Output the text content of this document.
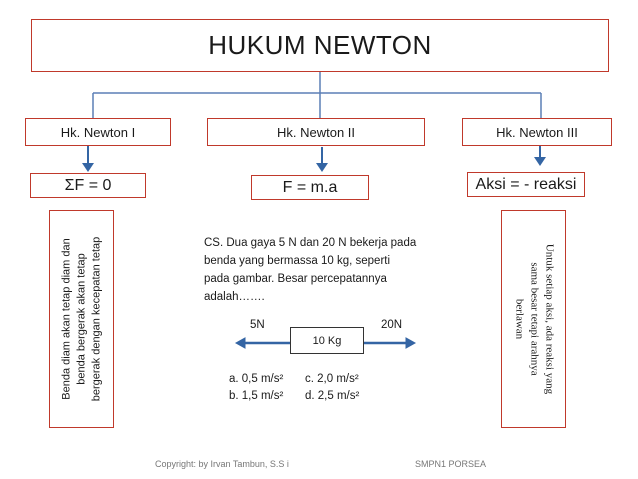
HUKUM NEWTON
Hk. Newton I	Hk. Newton II	Hk. Newton III
ΣF = 0	F = m.a	Aksi = - reaksi
Benda diam akan tetap diam dan benda bergerak akan tetap bergerak dengan kecepatan tetap	Untuk setiap aksi, ada reaksi yang
sama besar tetapi arahnya
berlawan
CS. Dua gaya 5 N dan 20 N bekerja pada
benda yang bermassa 10 kg, seperti
pada gambar. Besar percepatannya
adalah…….
5N	20N
10 Kg
a. 0,5 m/s²
b. 1,5 m/s²
c. 2,0 m/s²
d. 2,5 m/s²
Copyright: by Irvan Tambun, S.S i	SMPN1 PORSEA
